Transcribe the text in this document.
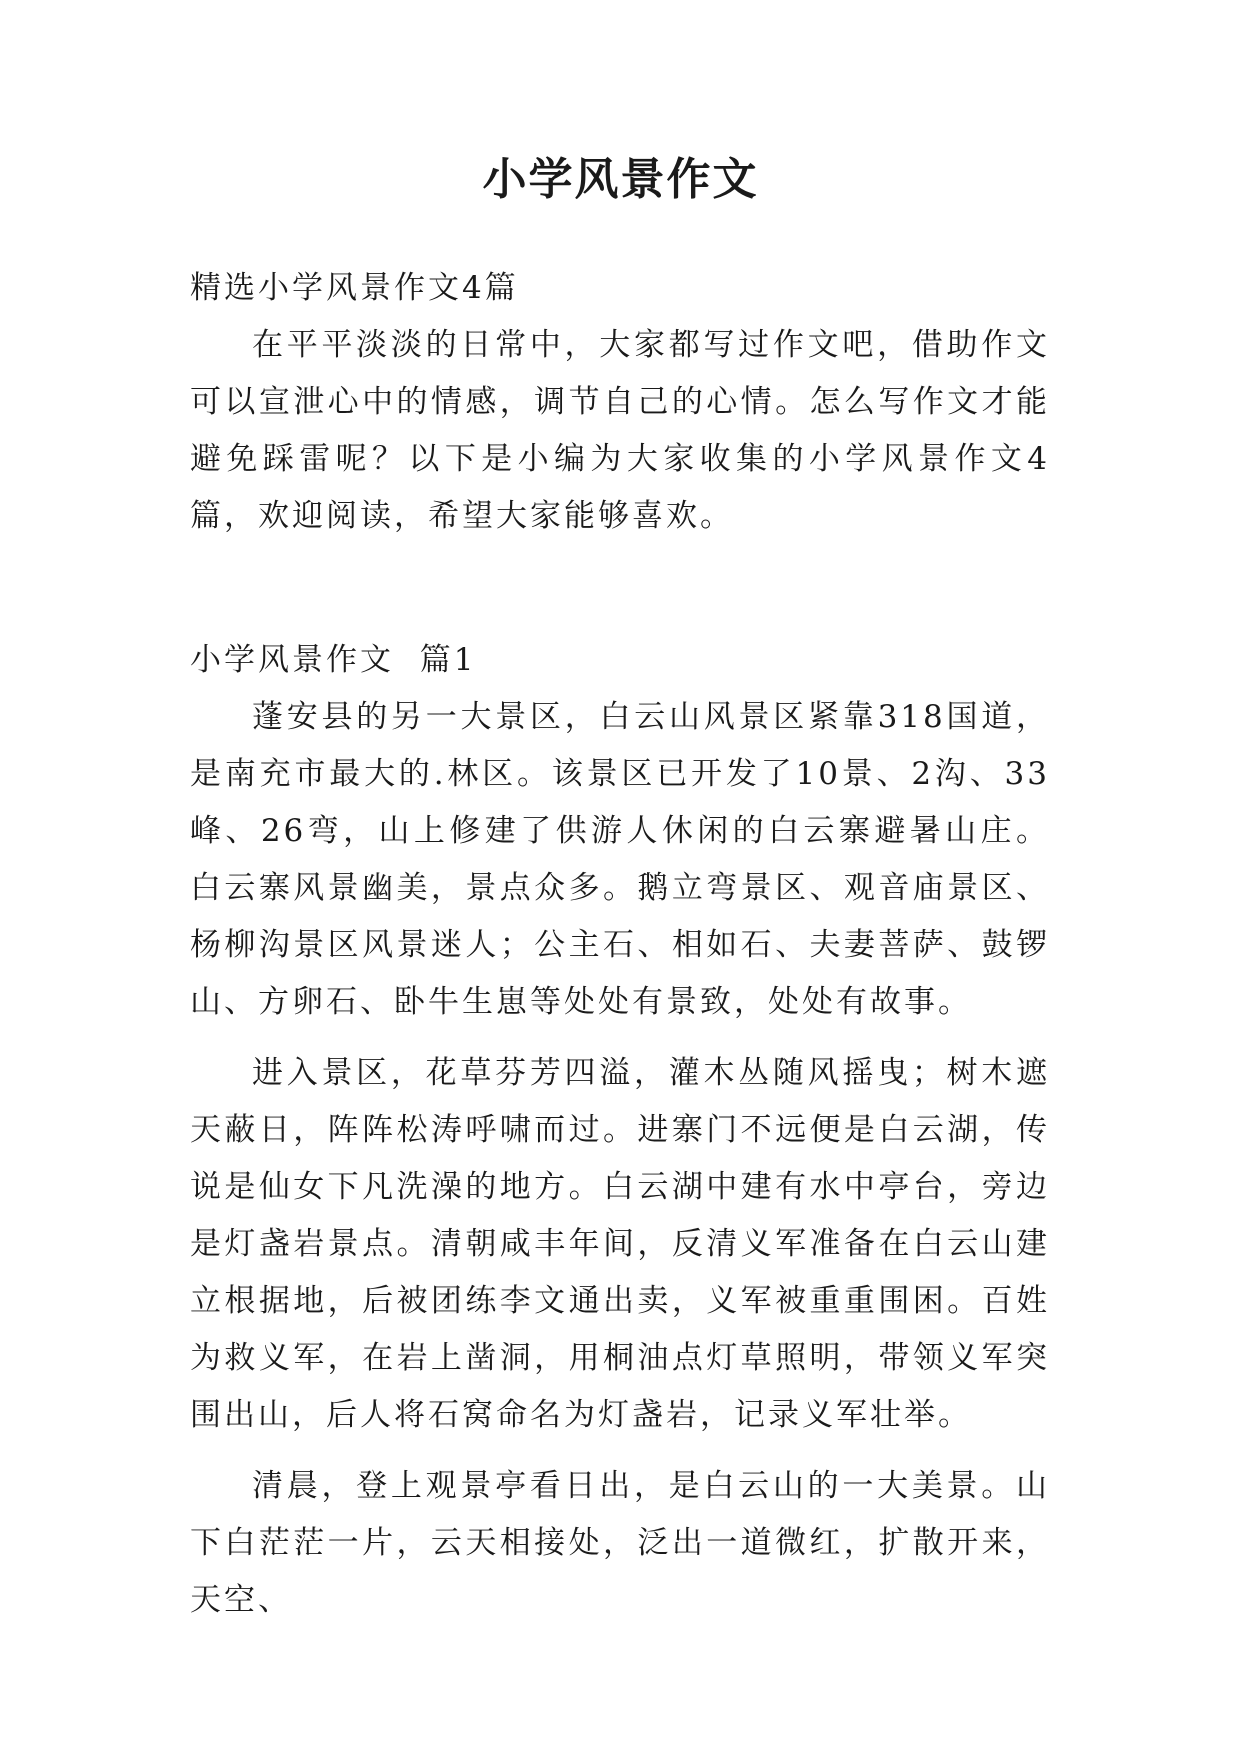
小学风景作文

精选小学风景作文4篇

在平平淡淡的日常中，大家都写过作文吧，借助作文可以宣泄心中的情感，调节自己的心情。怎么写作文才能避免踩雷呢？以下是小编为大家收集的小学风景作文4篇，欢迎阅读，希望大家能够喜欢。

小学风景作文  篇1

蓬安县的另一大景区，白云山风景区紧靠318国道，是南充市最大的.林区。该景区已开发了10景、2沟、33峰、26弯，山上修建了供游人休闲的白云寨避暑山庄。白云寨风景幽美，景点众多。鹅立弯景区、观音庙景区、杨柳沟景区风景迷人；公主石、相如石、夫妻菩萨、鼓锣山、方卵石、卧牛生崽等处处有景致，处处有故事。

进入景区，花草芬芳四溢，灌木丛随风摇曳；树木遮天蔽日，阵阵松涛呼啸而过。进寨门不远便是白云湖，传说是仙女下凡洗澡的地方。白云湖中建有水中亭台，旁边是灯盏岩景点。清朝咸丰年间，反清义军准备在白云山建立根据地，后被团练李文通出卖，义军被重重围困。百姓为救义军，在岩上凿洞，用桐油点灯草照明，带领义军突围出山，后人将石窝命名为灯盏岩，记录义军壮举。

清晨，登上观景亭看日出，是白云山的一大美景。山下白茫茫一片，云天相接处，泛出一道微红，扩散开来，天空、
